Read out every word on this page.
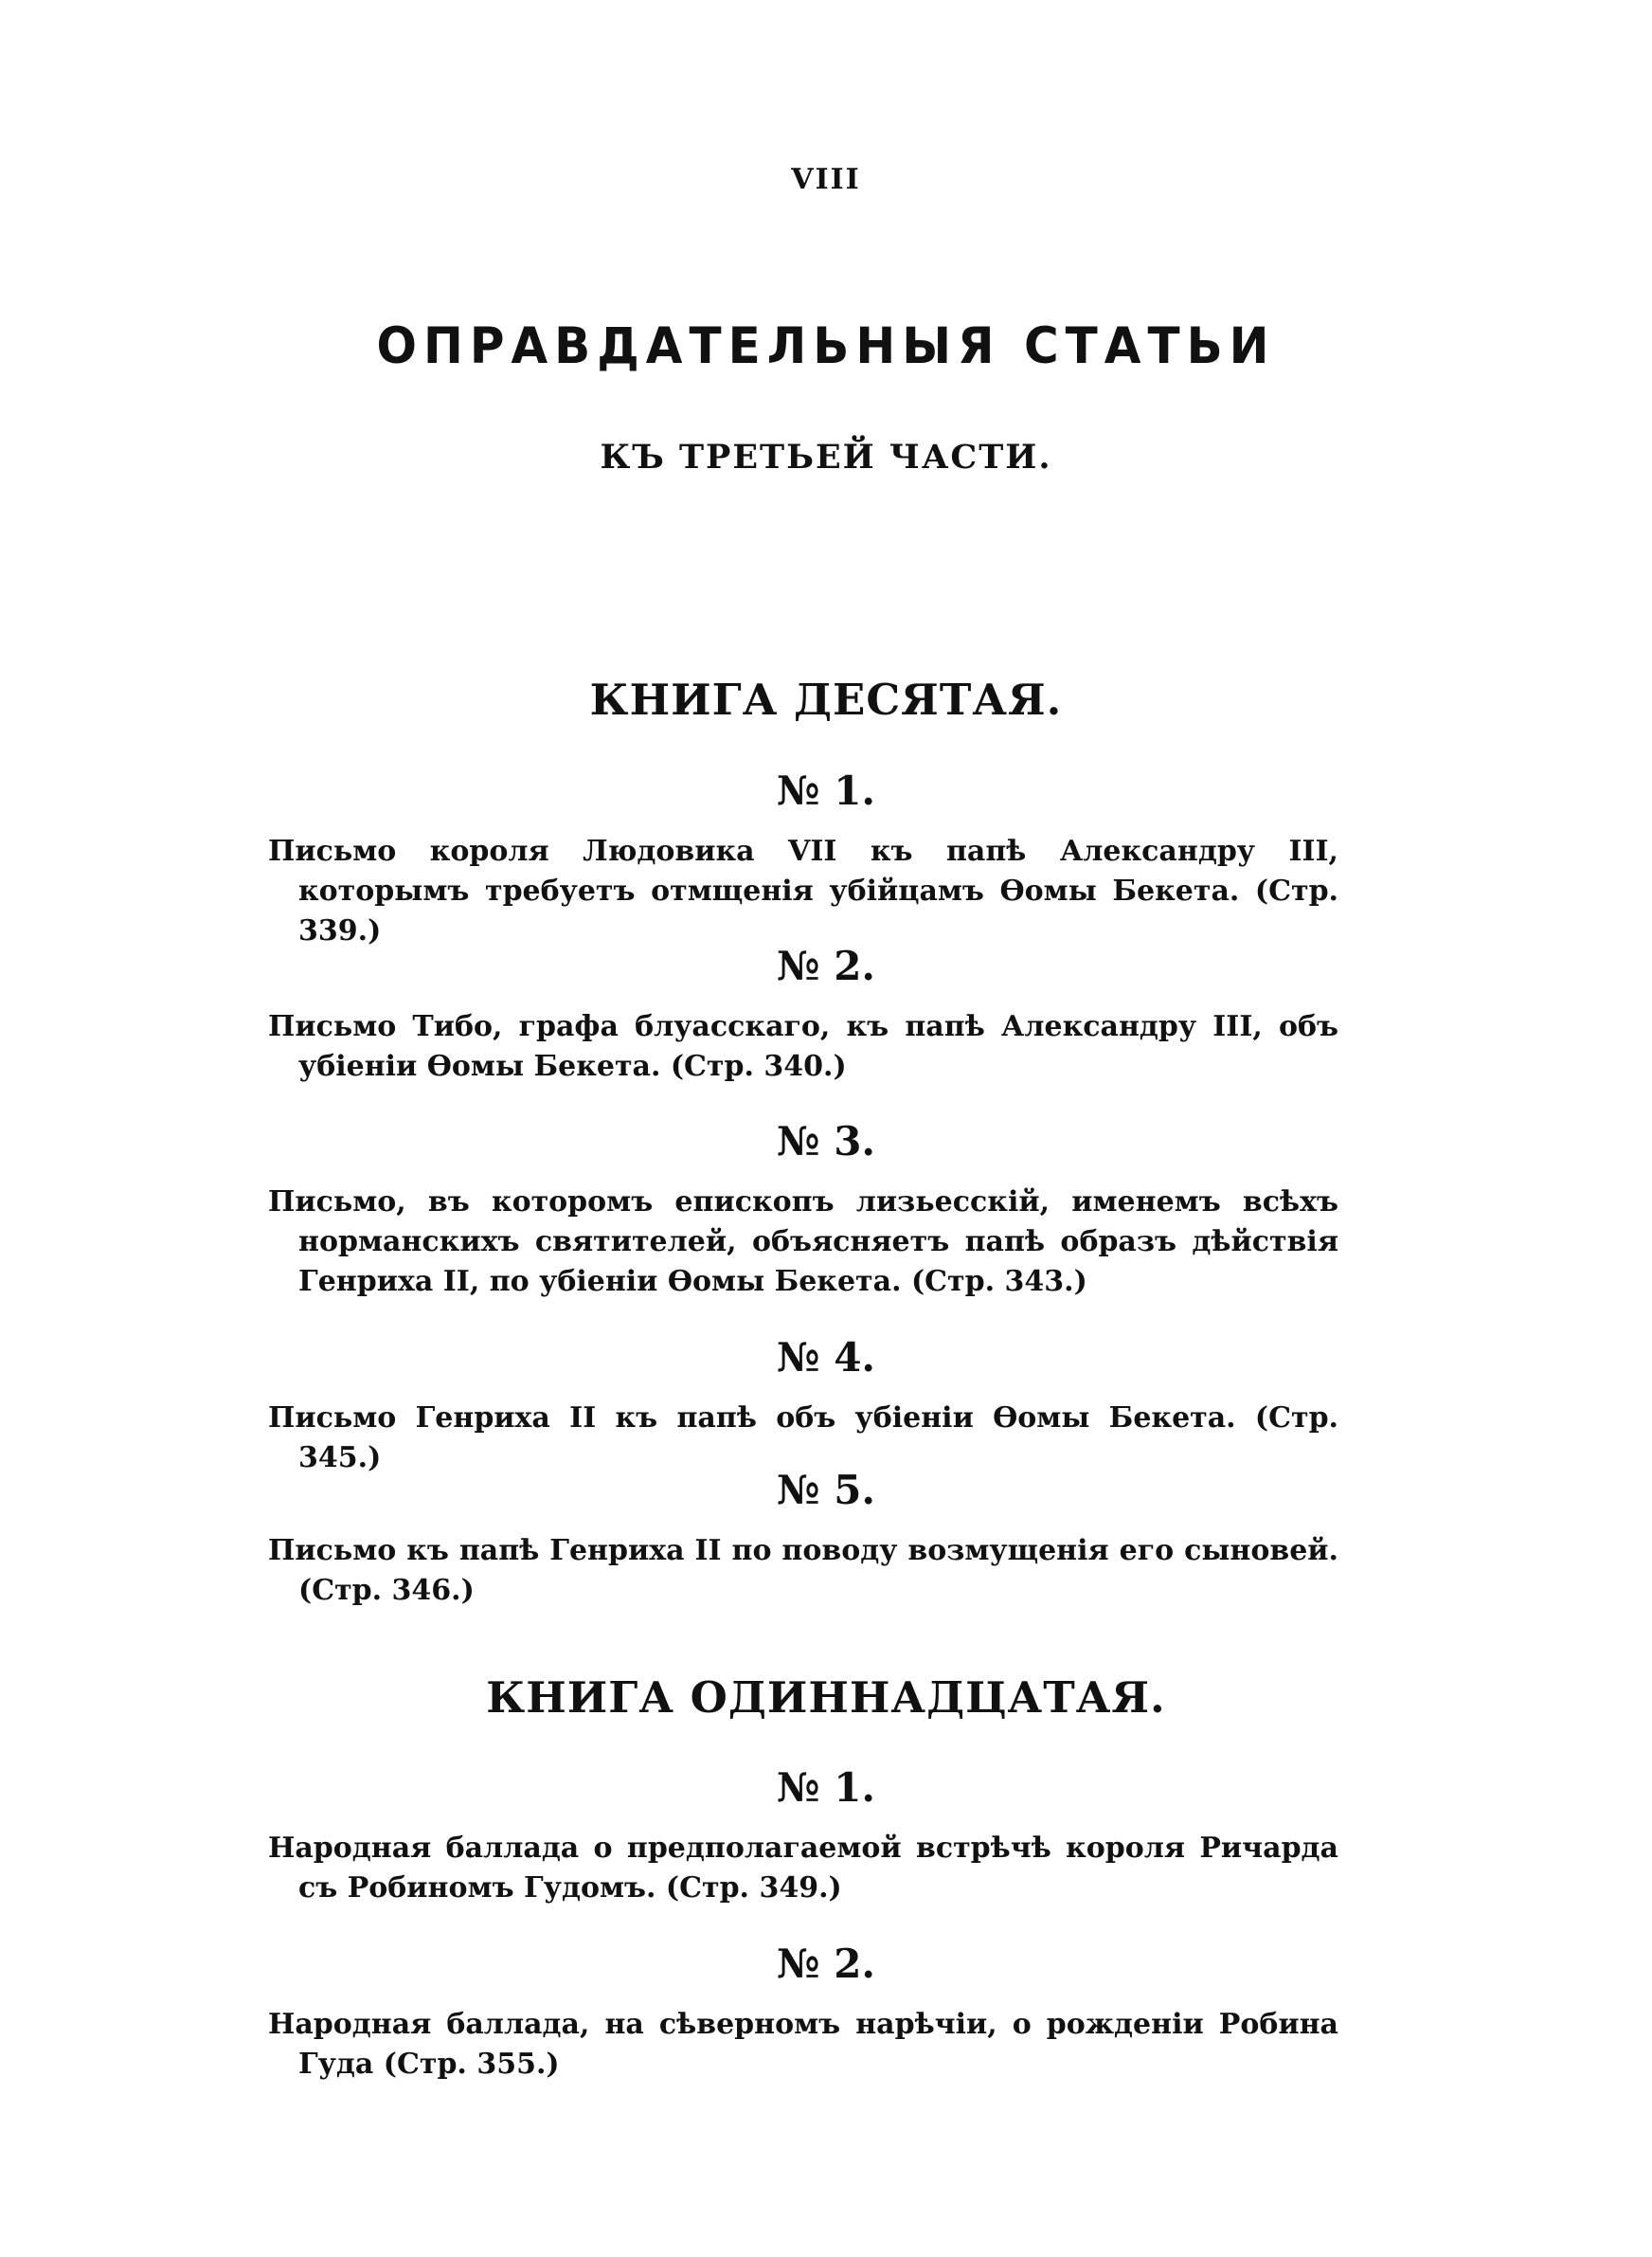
VIII
ОПРАВДАТЕЛЬНЫЯ СТАТЬИ
КЪ ТРЕТЬЕЙ ЧАСТИ.
КНИГА ДЕСЯТАЯ.
№ 1.
Письмо короля Людовика VII къ папѣ Александру III, которымъ требуетъ отмщенія убійцамъ Ѳомы Бекета. (Стр. 339.)
№ 2.
Письмо Тибо, графа блуасскаго, къ папѣ Александру III, объ убіеніи Ѳомы Бекета. (Стр. 340.)
№ 3.
Письмо, въ которомъ епископъ лизьесскій, именемъ всѣхъ норманскихъ святителей, объясняетъ папѣ образъ дѣйствія Генриха II, по убіеніи Ѳомы Бекета. (Стр. 343.)
№ 4.
Письмо Генриха II къ папѣ объ убіеніи Ѳомы Бекета. (Стр. 345.)
№ 5.
Письмо къ папѣ Генриха II по поводу возмущенія его сыновей. (Стр. 346.)
КНИГА ОДИННАДЦАТАЯ.
№ 1.
Народная баллада о предполагаемой встрѣчѣ короля Ричарда съ Робиномъ Гудомъ. (Стр. 349.)
№ 2.
Народная баллада, на сѣверномъ нарѣчіи, о рожденіи Робина Гуда (Стр. 355.)
